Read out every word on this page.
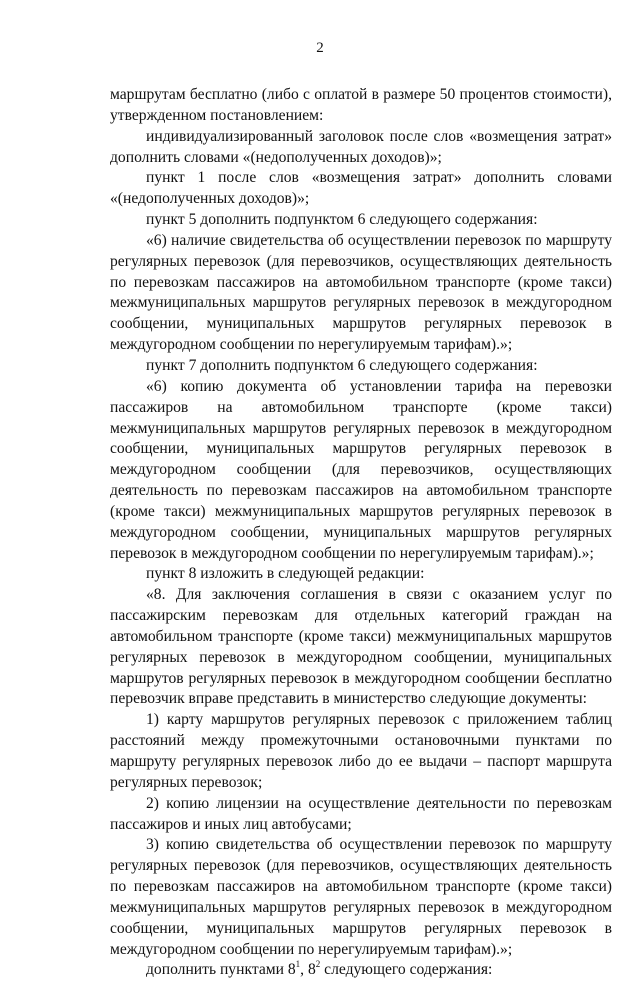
2

маршрутам бесплатно (либо с оплатой в размере 50 процентов стоимости), утвержденном постановлением:

индивидуализированный заголовок после слов «возмещения затрат» дополнить словами «(недополученных доходов)»;

пункт 1 после слов «возмещения затрат» дополнить словами «(недополученных доходов)»;

пункт 5 дополнить подпунктом 6 следующего содержания:

«6) наличие свидетельства об осуществлении перевозок по маршруту регулярных перевозок (для перевозчиков, осуществляющих деятельность по перевозкам пассажиров на автомобильном транспорте (кроме такси) межмуниципальных маршрутов регулярных перевозок в междугородном сообщении, муниципальных маршрутов регулярных перевозок в междугородном сообщении по нерегулируемым тарифам).»;

пункт 7 дополнить подпунктом 6 следующего содержания:

«6) копию документа об установлении тарифа на перевозки пассажиров на автомобильном транспорте (кроме такси) межмуниципальных маршрутов регулярных перевозок в междугородном сообщении, муниципальных маршрутов регулярных перевозок в междугородном сообщении (для перевозчиков, осуществляющих деятельность по перевозкам пассажиров на автомобильном транспорте (кроме такси) межмуниципальных маршрутов регулярных перевозок в междугородном сообщении, муниципальных маршрутов регулярных перевозок в междугородном сообщении по нерегулируемым тарифам).»;

пункт 8 изложить в следующей редакции:

«8. Для заключения соглашения в связи с оказанием услуг по пассажирским перевозкам для отдельных категорий граждан на автомобильном транспорте (кроме такси) межмуниципальных маршрутов регулярных перевозок в междугородном сообщении, муниципальных маршрутов регулярных перевозок в междугородном сообщении бесплатно перевозчик вправе представить в министерство следующие документы:

1) карту маршрутов регулярных перевозок с приложением таблиц расстояний между промежуточными остановочными пунктами по маршруту регулярных перевозок либо до ее выдачи – паспорт маршрута регулярных перевозок;

2) копию лицензии на осуществление деятельности по перевозкам пассажиров и иных лиц автобусами;

3) копию свидетельства об осуществлении перевозок по маршруту регулярных перевозок (для перевозчиков, осуществляющих деятельность по перевозкам пассажиров на автомобильном транспорте (кроме такси) межмуниципальных маршрутов регулярных перевозок в междугородном сообщении, муниципальных маршрутов регулярных перевозок в междугородном сообщении по нерегулируемым тарифам).»;

дополнить пунктами $8^1$, $8^2$ следующего содержания:
